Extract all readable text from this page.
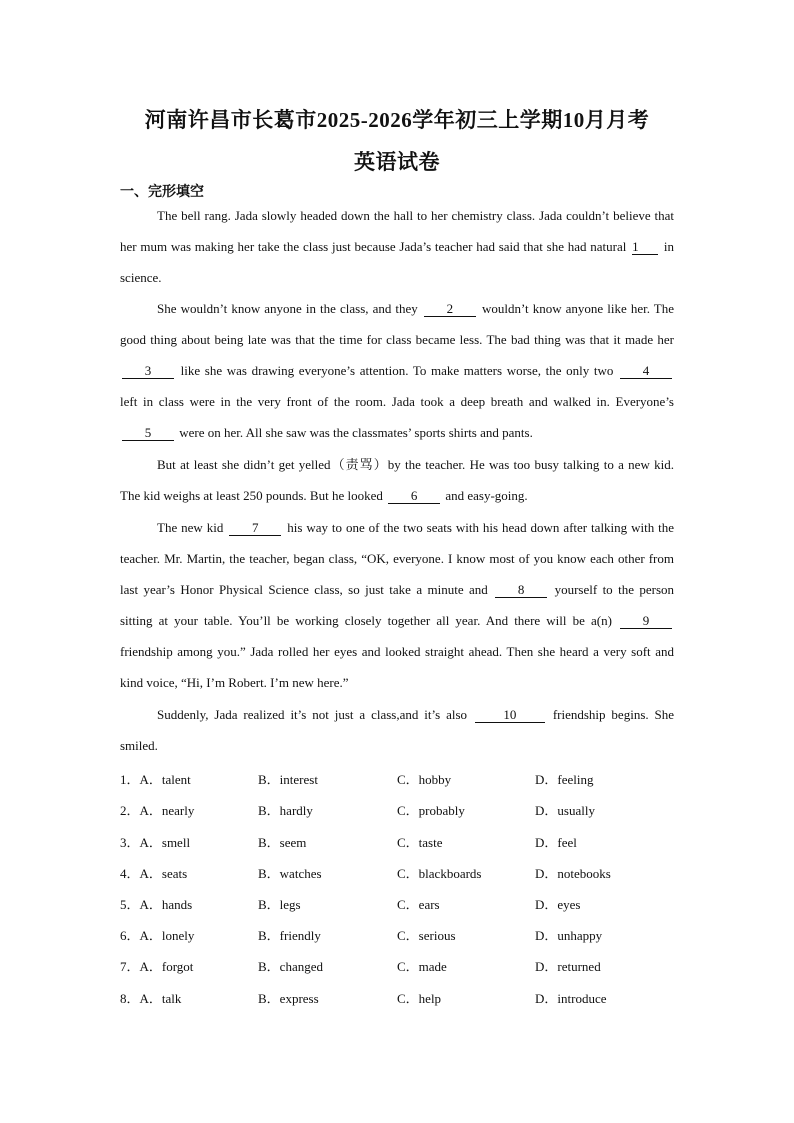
河南许昌市长葛市2025-2026学年初三上学期10月月考
英语试卷
一、完形填空
The bell rang. Jada slowly headed down the hall to her chemistry class. Jada couldn’t believe that her mum was making her take the class just because Jada’s teacher had said that she had natural 1 in science.
She wouldn’t know anyone in the class, and they 2 wouldn’t know anyone like her. The good thing about being late was that the time for class became less. The bad thing was that it made her 3 like she was drawing everyone’s attention. To make matters worse, the only two 4 left in class were in the very front of the room. Jada took a deep breath and walked in. Everyone’s 5 were on her. All she saw was the classmates’ sports shirts and pants.
But at least she didn’t get yelled（责骂）by the teacher. He was too busy talking to a new kid. The kid weighs at least 250 pounds. But he looked 6 and easy-going.
The new kid 7 his way to one of the two seats with his head down after talking with the teacher. Mr. Martin, the teacher, began class, “OK, everyone. I know most of you know each other from last year’s Honor Physical Science class, so just take a minute and 8 yourself to the person sitting at your table. You’ll be working closely together all year. And there will be a(n) 9 friendship among you.” Jada rolled her eyes and looked straight ahead. Then she heard a very soft and kind voice, “Hi, I’m Robert. I’m new here.”
Suddenly, Jada realized it’s not just a class,and it’s also	10	friendship begins. She smiled.
1．A．talent	B．interest	C．hobby	D．feeling
2．A．nearly	B．hardly	C．probably	D．usually
3．A．smell	B．seem	C．taste	D．feel
4．A．seats	B．watches	C．blackboards	D．notebooks
5．A．hands	B．legs	C．ears	D．eyes
6．A．lonely	B．friendly	C．serious	D．unhappy
7．A．forgot	B．changed	C．made	D．returned
8．A．talk	B．express	C．help	D．introduce
